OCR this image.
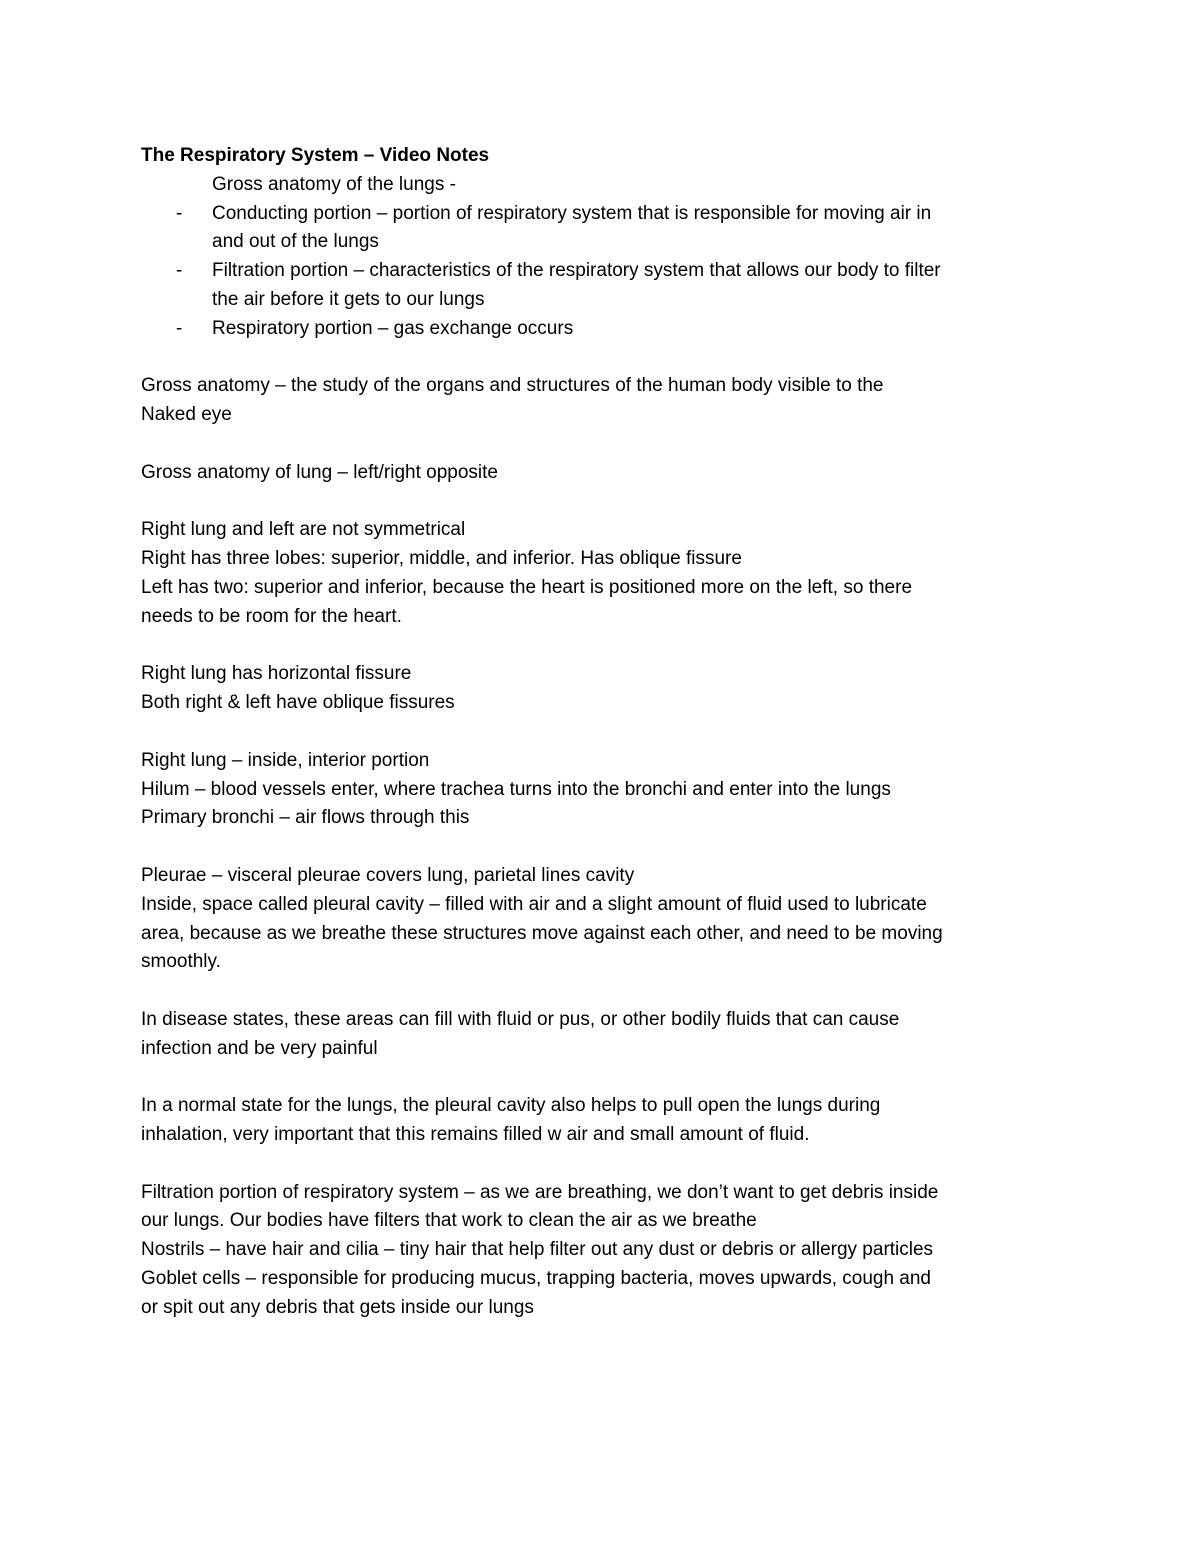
The Respiratory System – Video Notes
Gross anatomy of the lungs -
- Conducting portion – portion of respiratory system that is responsible for moving air in
and out of the lungs
- Filtration portion – characteristics of the respiratory system that allows our body to filter
the air before it gets to our lungs
- Respiratory portion – gas exchange occurs
Gross anatomy – the study of the organs and structures of the human body visible to the
Naked eye
Gross anatomy of lung – left/right opposite
Right lung and left are not symmetrical
Right has three lobes: superior, middle, and inferior. Has oblique fissure
Left has two: superior and inferior, because the heart is positioned more on the left, so there
needs to be room for the heart.
Right lung has horizontal fissure
Both right & left have oblique fissures
Right lung – inside, interior portion
Hilum – blood vessels enter, where trachea turns into the bronchi and enter into the lungs
Primary bronchi – air flows through this
Pleurae – visceral pleurae covers lung, parietal lines cavity
Inside, space called pleural cavity – filled with air and a slight amount of fluid used to lubricate
area, because as we breathe these structures move against each other, and need to be moving
smoothly.
In disease states, these areas can fill with fluid or pus, or other bodily fluids that can cause
infection and be very painful
In a normal state for the lungs, the pleural cavity also helps to pull open the lungs during
inhalation, very important that this remains filled w air and small amount of fluid.
Filtration portion of respiratory system – as we are breathing, we don’t want to get debris inside
our lungs. Our bodies have filters that work to clean the air as we breathe
Nostrils – have hair and cilia – tiny hair that help filter out any dust or debris or allergy particles
Goblet cells – responsible for producing mucus, trapping bacteria, moves upwards, cough and
or spit out any debris that gets inside our lungs
